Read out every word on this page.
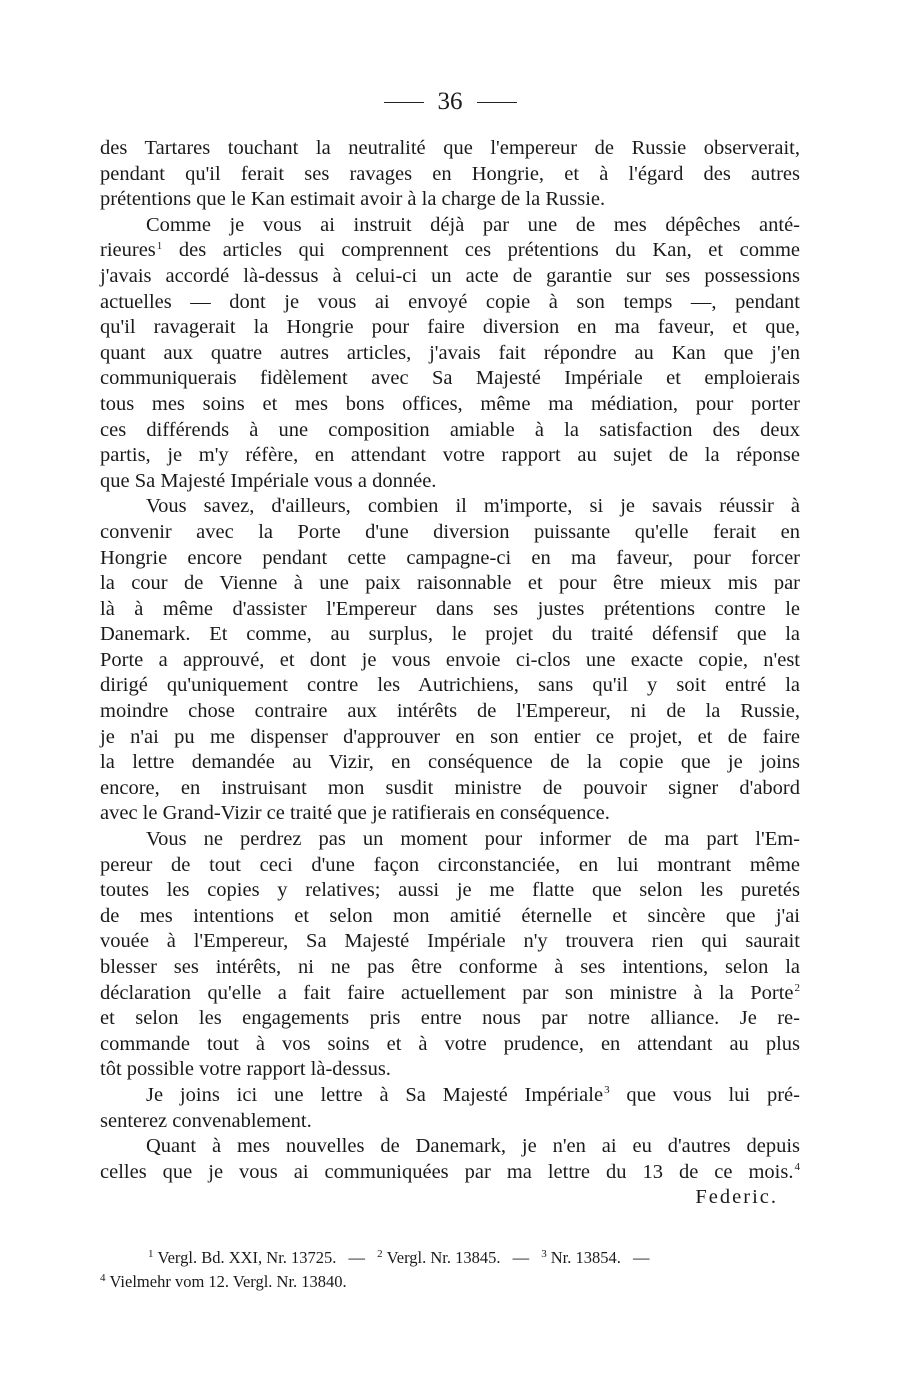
36
des Tartares touchant la neutralité que l'empereur de Russie observerait,
pendant qu'il ferait ses ravages en Hongrie, et à l'égard des autres
prétentions que le Kan estimait avoir à la charge de la Russie.
Comme je vous ai instruit déjà par une de mes dépêches anté-
rieures$^1$ des articles qui comprennent ces prétentions du Kan, et comme
j'avais accordé là-dessus à celui-ci un acte de garantie sur ses possessions
actuelles — dont je vous ai envoyé copie à son temps —, pendant
qu'il ravagerait la Hongrie pour faire diversion en ma faveur, et que,
quant aux quatre autres articles, j'avais fait répondre au Kan que j'en
communiquerais fidèlement avec Sa Majesté Impériale et emploierais
tous mes soins et mes bons offices, même ma médiation, pour porter
ces différends à une composition amiable à la satisfaction des deux
partis, je m'y réfère, en attendant votre rapport au sujet de la réponse
que Sa Majesté Impériale vous a donnée.
Vous savez, d'ailleurs, combien il m'importe, si je savais réussir à
convenir avec la Porte d'une diversion puissante qu'elle ferait en
Hongrie encore pendant cette campagne-ci en ma faveur, pour forcer
la cour de Vienne à une paix raisonnable et pour être mieux mis par
là à même d'assister l'Empereur dans ses justes prétentions contre le
Danemark. Et comme, au surplus, le projet du traité défensif que la
Porte a approuvé, et dont je vous envoie ci-clos une exacte copie, n'est
dirigé qu'uniquement contre les Autrichiens, sans qu'il y soit entré la
moindre chose contraire aux intérêts de l'Empereur, ni de la Russie,
je n'ai pu me dispenser d'approuver en son entier ce projet, et de faire
la lettre demandée au Vizir, en conséquence de la copie que je joins
encore, en instruisant mon susdit ministre de pouvoir signer d'abord
avec le Grand-Vizir ce traité que je ratifierais en conséquence.
Vous ne perdrez pas un moment pour informer de ma part l'Em-
pereur de tout ceci d'une façon circonstanciée, en lui montrant même
toutes les copies y relatives; aussi je me flatte que selon les puretés
de mes intentions et selon mon amitié éternelle et sincère que j'ai
vouée à l'Empereur, Sa Majesté Impériale n'y trouvera rien qui saurait
blesser ses intérêts, ni ne pas être conforme à ses intentions, selon la
déclaration qu'elle a fait faire actuellement par son ministre à la Porte$^2$
et selon les engagements pris entre nous par notre alliance. Je re-
commande tout à vos soins et à votre prudence, en attendant au plus
tôt possible votre rapport là-dessus.
Je joins ici une lettre à Sa Majesté Impériale$^3$ que vous lui pré-
senterez convenablement.
Quant à mes nouvelles de Danemark, je n'en ai eu d'autres depuis
celles que je vous ai communiquées par ma lettre du 13 de ce mois.$^4$
Federic.
$^1$ Vergl. Bd. XXI, Nr. 13725. — $^2$ Vergl. Nr. 13845. — $^3$ Nr. 13854. —
$^4$ Vielmehr vom 12. Vergl. Nr. 13840.
